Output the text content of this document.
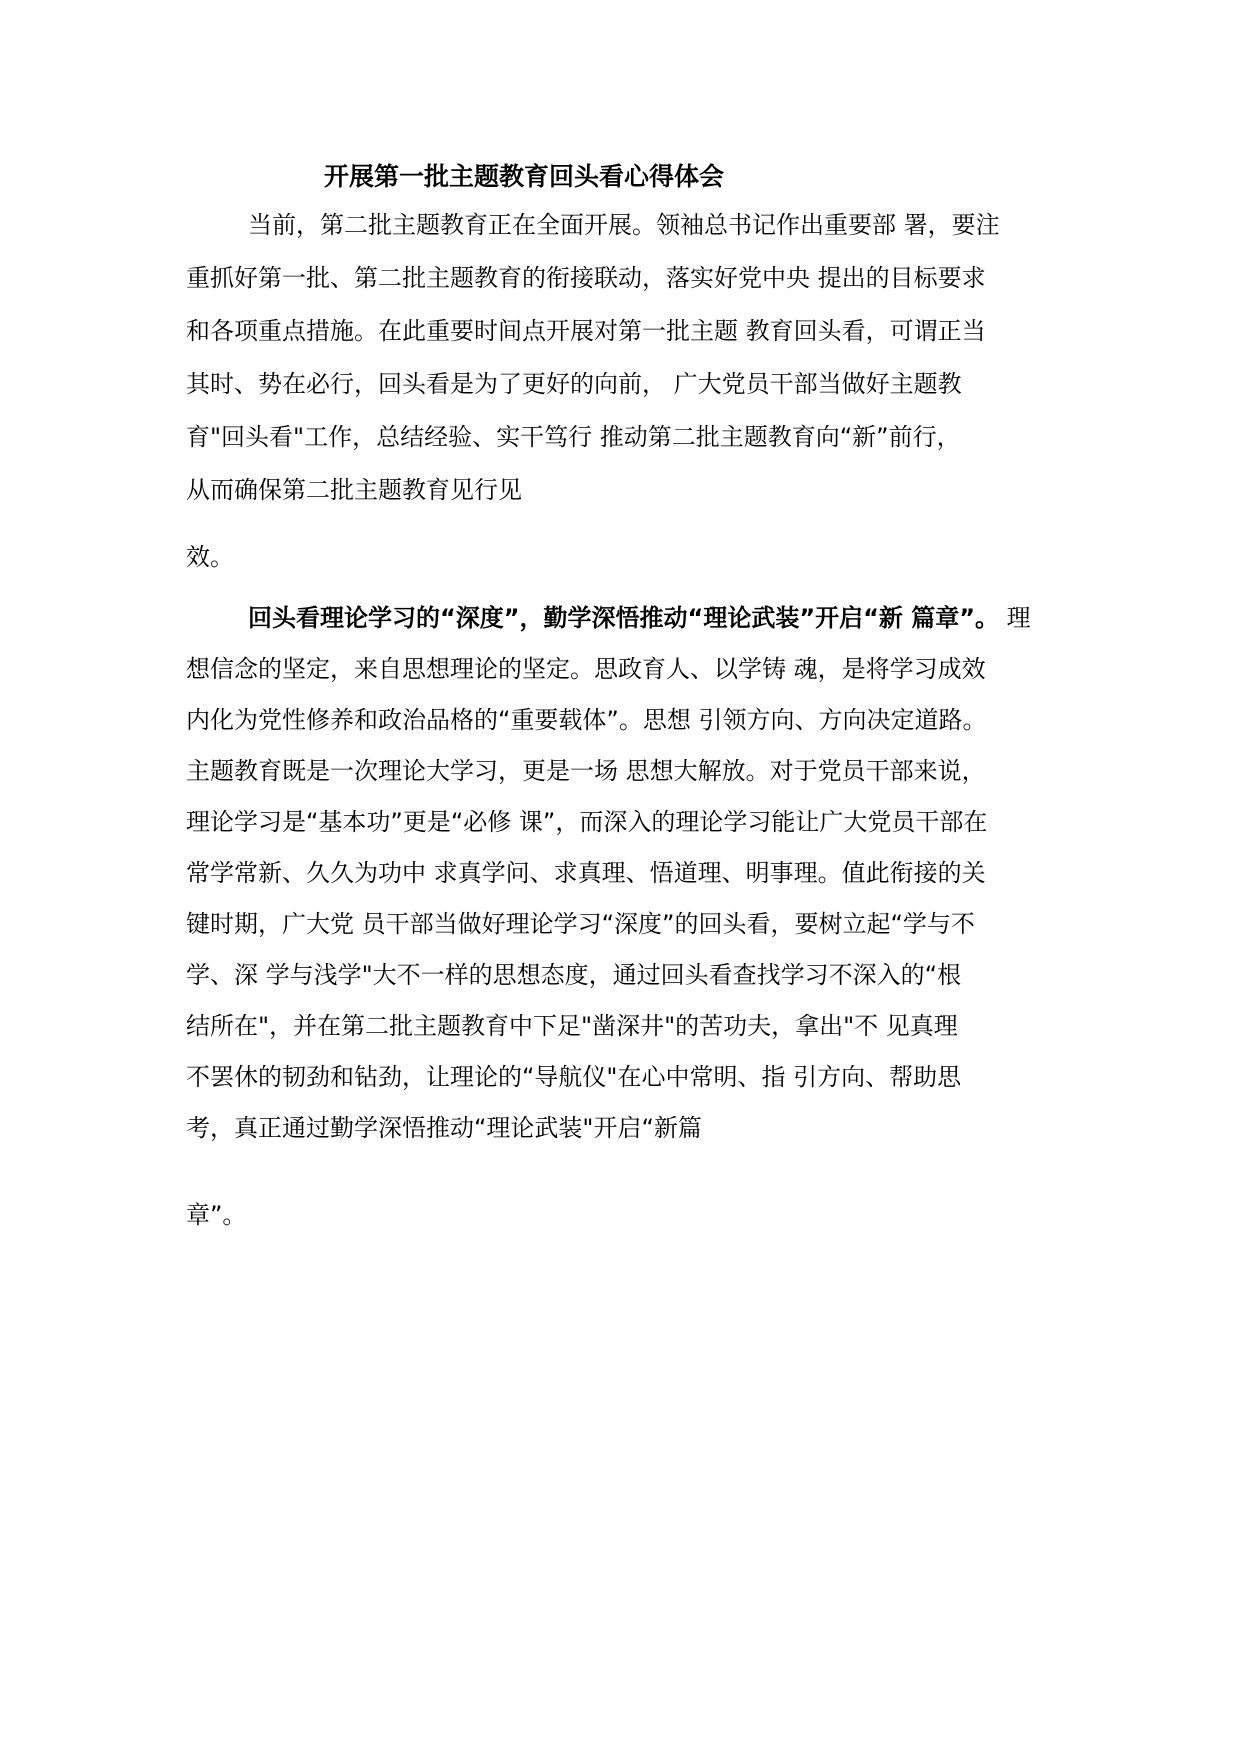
开展第一批主题教育回头看心得体会
当前，第二批主题教育正在全面开展。领袖总书记作出重要部 署，要注
重抓好第一批、第二批主题教育的衔接联动，落实好党中央 提出的目标要求
和各项重点措施。在此重要时间点开展对第一批主题 教育回头看，可谓正当
其时、势在必行，回头看是为了更好的向前， 广大党员干部当做好主题教
育"回头看"工作，总结经验、实干笃行 推动第二批主题教育向“新”前行，
从而确保第二批主题教育见行见
效。
回头看理论学习的“深度”，勤学深悟推动“理论武装”开启“新 篇章”。 理
想信念的坚定，来自思想理论的坚定。思政育人、以学铸 魂，是将学习成效
内化为党性修养和政治品格的“重要载体”。思想 引领方向、方向决定道路。
主题教育既是一次理论大学习，更是一场 思想大解放。对于党员干部来说，
理论学习是“基本功”更是“必修 课”，而深入的理论学习能让广大党员干部在
常学常新、久久为功中 求真学问、求真理、悟道理、明事理。值此衔接的关
键时期，广大党 员干部当做好理论学习“深度”的回头看，要树立起“学与不
学、深 学与浅学"大不一样的思想态度，通过回头看查找学习不深入的“根
结所在"，并在第二批主题教育中下足"凿深井"的苦功夫，拿出"不 见真理
不罢休的韧劲和钻劲，让理论的“导航仪"在心中常明、指 引方向、帮助思
考，真正通过勤学深悟推动“理论武装"开启“新篇
章”。
